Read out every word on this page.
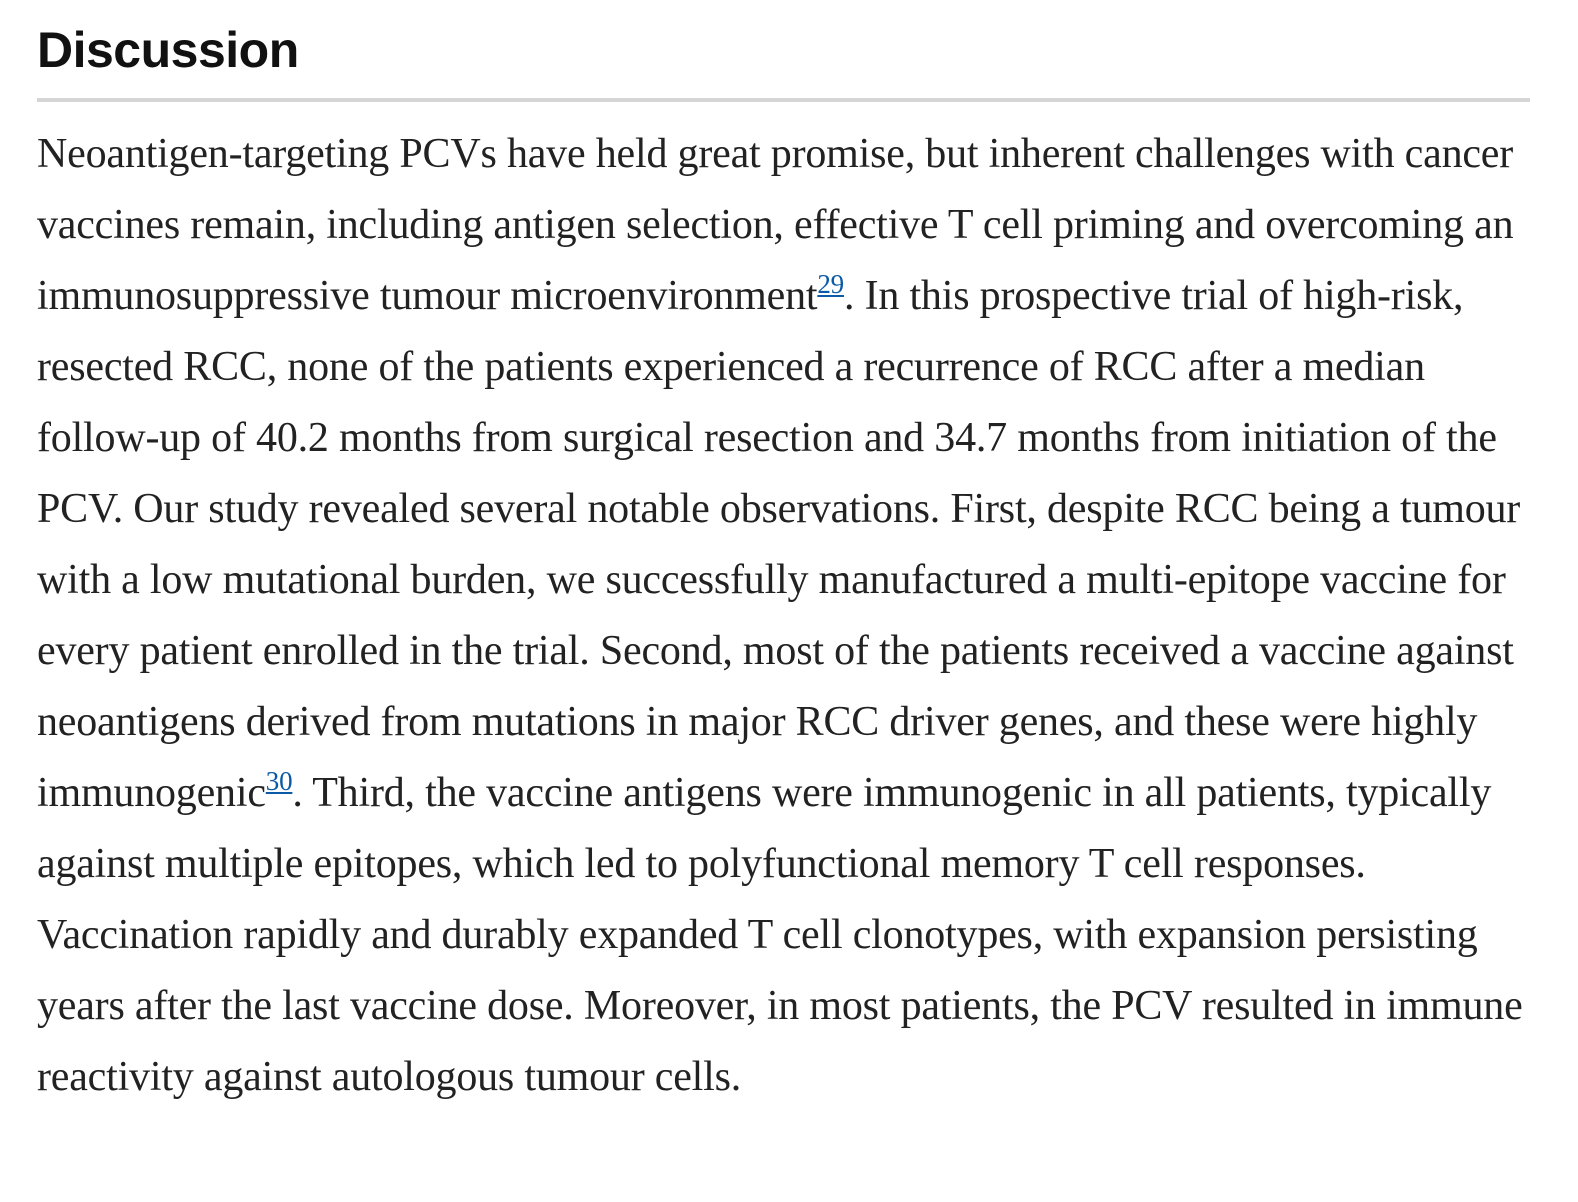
Discussion

Neoantigen-targeting PCVs have held great promise, but inherent challenges with cancer vaccines remain, including antigen selection, effective T cell priming and overcoming an immunosuppressive tumour microenvironment$^{29}$. In this prospective trial of high-risk, resected RCC, none of the patients experienced a recurrence of RCC after a median follow-up of 40.2 months from surgical resection and 34.7 months from initiation of the PCV. Our study revealed several notable observations. First, despite RCC being a tumour with a low mutational burden, we successfully manufactured a multi-epitope vaccine for every patient enrolled in the trial. Second, most of the patients received a vaccine against neoantigens derived from mutations in major RCC driver genes, and these were highly immunogenic$^{30}$. Third, the vaccine antigens were immunogenic in all patients, typically against multiple epitopes, which led to polyfunctional memory T cell responses. Vaccination rapidly and durably expanded T cell clonotypes, with expansion persisting years after the last vaccine dose. Moreover, in most patients, the PCV resulted in immune reactivity against autologous tumour cells.
